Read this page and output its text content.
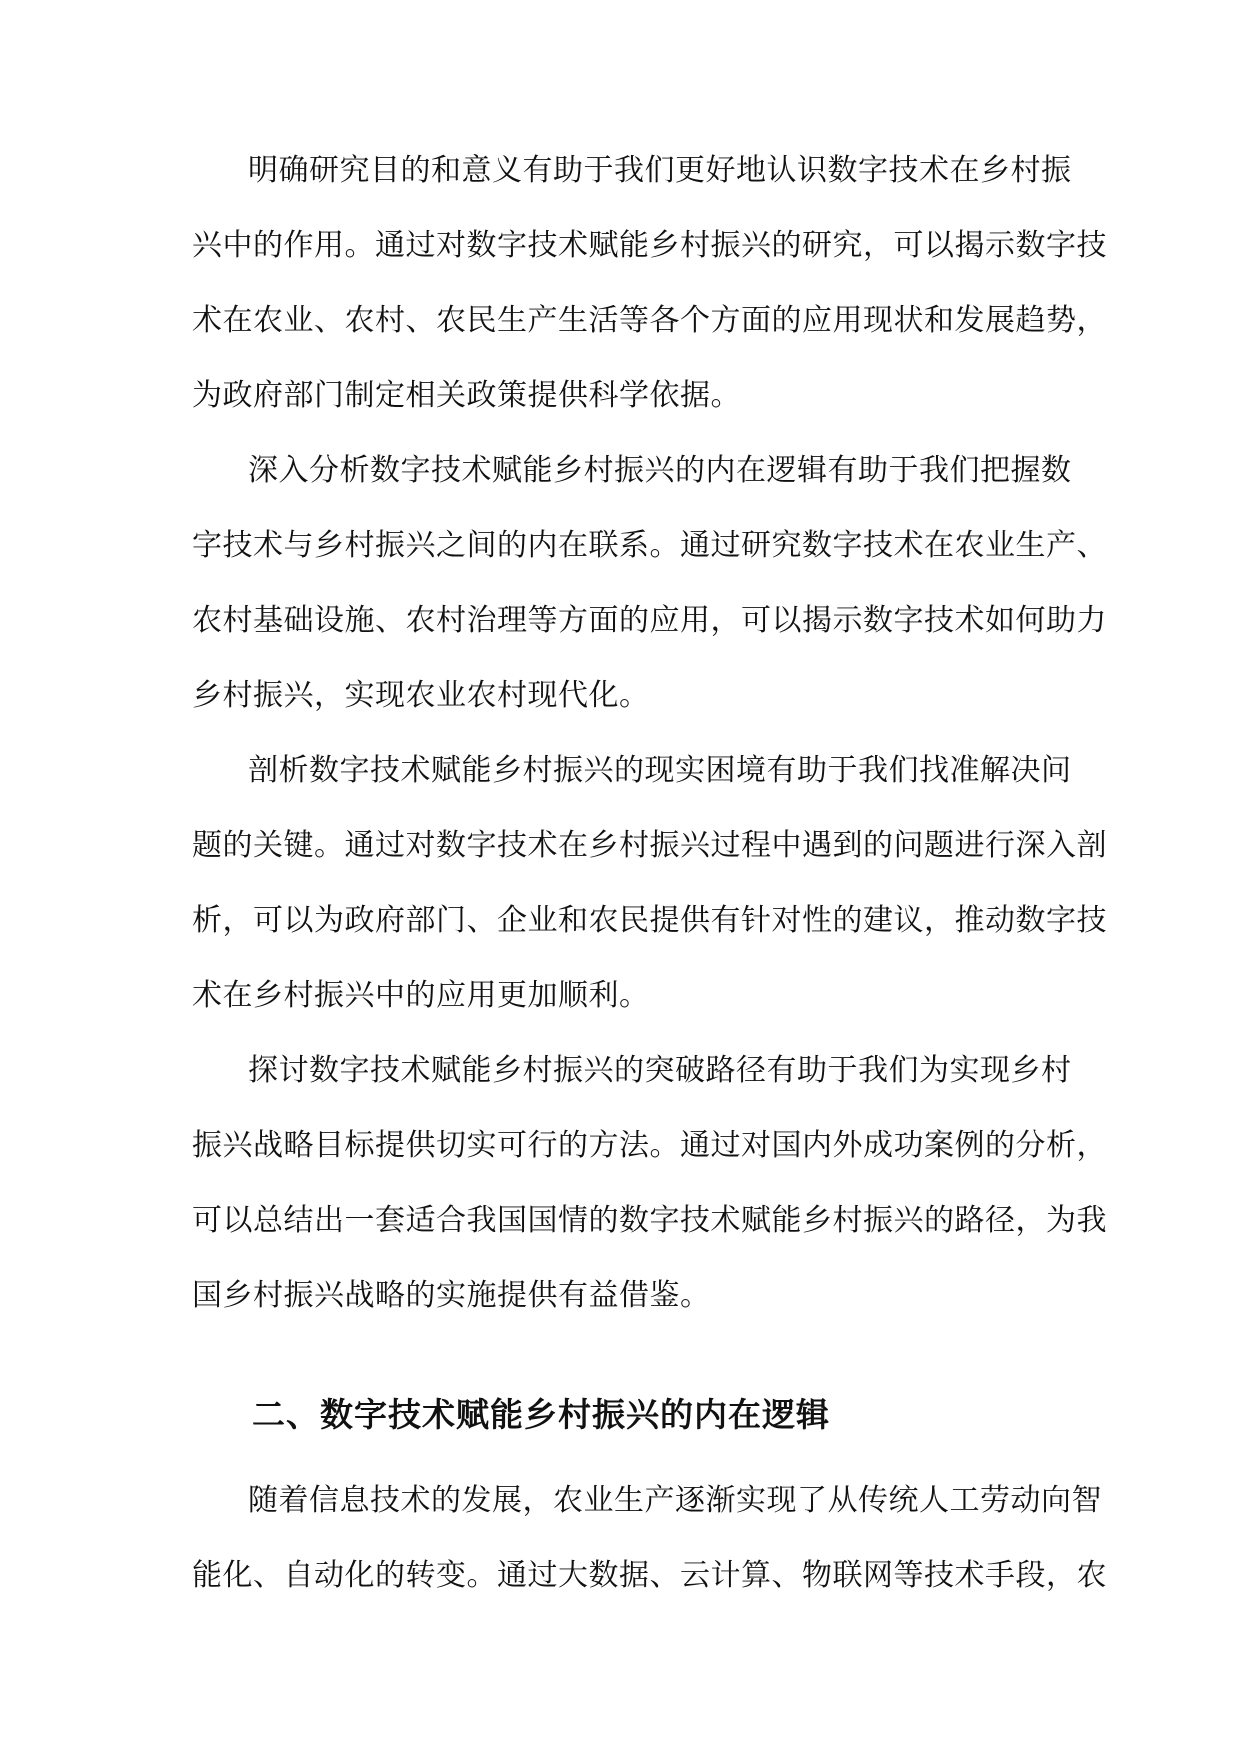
明确研究目的和意义有助于我们更好地认识数字技术在乡村振
兴中的作用。通过对数字技术赋能乡村振兴的研究，可以揭示数字技
术在农业、农村、农民生产生活等各个方面的应用现状和发展趋势，
为政府部门制定相关政策提供科学依据。
深入分析数字技术赋能乡村振兴的内在逻辑有助于我们把握数
字技术与乡村振兴之间的内在联系。通过研究数字技术在农业生产、
农村基础设施、农村治理等方面的应用，可以揭示数字技术如何助力
乡村振兴，实现农业农村现代化。
剖析数字技术赋能乡村振兴的现实困境有助于我们找准解决问
题的关键。通过对数字技术在乡村振兴过程中遇到的问题进行深入剖
析，可以为政府部门、企业和农民提供有针对性的建议，推动数字技
术在乡村振兴中的应用更加顺利。
探讨数字技术赋能乡村振兴的突破路径有助于我们为实现乡村
振兴战略目标提供切实可行的方法。通过对国内外成功案例的分析，
可以总结出一套适合我国国情的数字技术赋能乡村振兴的路径，为我
国乡村振兴战略的实施提供有益借鉴。
二、数字技术赋能乡村振兴的内在逻辑
随着信息技术的发展，农业生产逐渐实现了从传统人工劳动向智
能化、自动化的转变。通过大数据、云计算、物联网等技术手段，农
